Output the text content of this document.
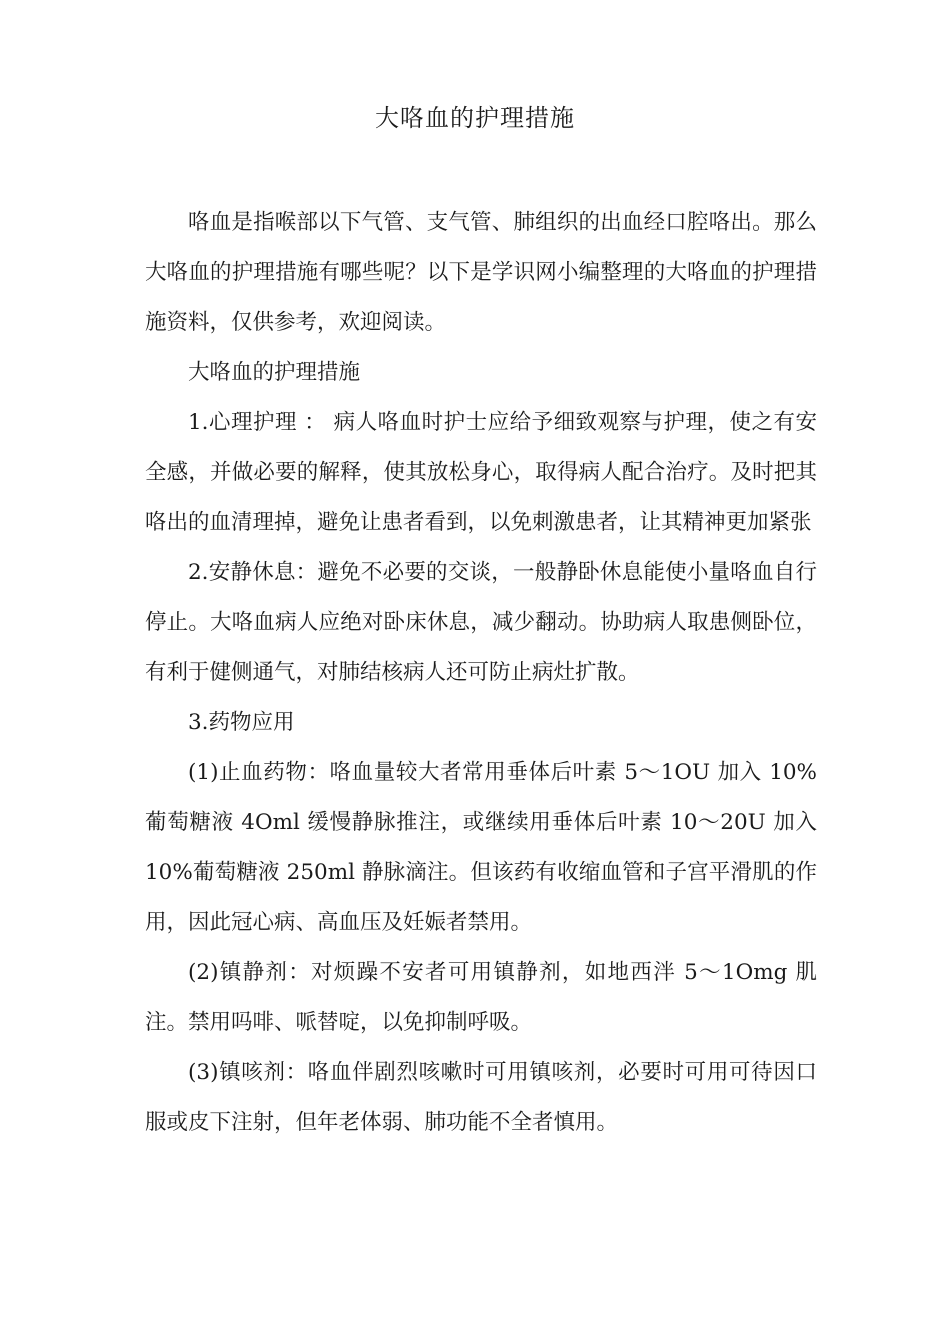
大咯血的护理措施

咯血是指喉部以下气管、支气管、肺组织的出血经口腔咯出。那么大咯血的护理措施有哪些呢？以下是学识网小编整理的大咯血的护理措施资料，仅供参考，欢迎阅读。

大咯血的护理措施

1.心理护理 ： 病人咯血时护士应给予细致观察与护理，使之有安全感，并做必要的解释，使其放松身心，取得病人配合治疗。及时把其咯出的血清理掉，避免让患者看到，以免刺激患者，让其精神更加紧张

2.安静休息：避免不必要的交谈，一般静卧休息能使小量咯血自行停止。大咯血病人应绝对卧床休息，减少翻动。协助病人取患侧卧位，有利于健侧通气，对肺结核病人还可防止病灶扩散。

3.药物应用

(1)止血药物：咯血量较大者常用垂体后叶素 5～1OU 加入 10%葡萄糖液 4Oml 缓慢静脉推注，或继续用垂体后叶素 10～20U 加入 10%葡萄糖液 250ml 静脉滴注。但该药有收缩血管和子宫平滑肌的作用，因此冠心病、高血压及妊娠者禁用。

(2)镇静剂：对烦躁不安者可用镇静剂，如地西泮 5～1Omg 肌注。禁用吗啡、哌替啶，以免抑制呼吸。

(3)镇咳剂：咯血伴剧烈咳嗽时可用镇咳剂，必要时可用可待因口服或皮下注射，但年老体弱、肺功能不全者慎用。
